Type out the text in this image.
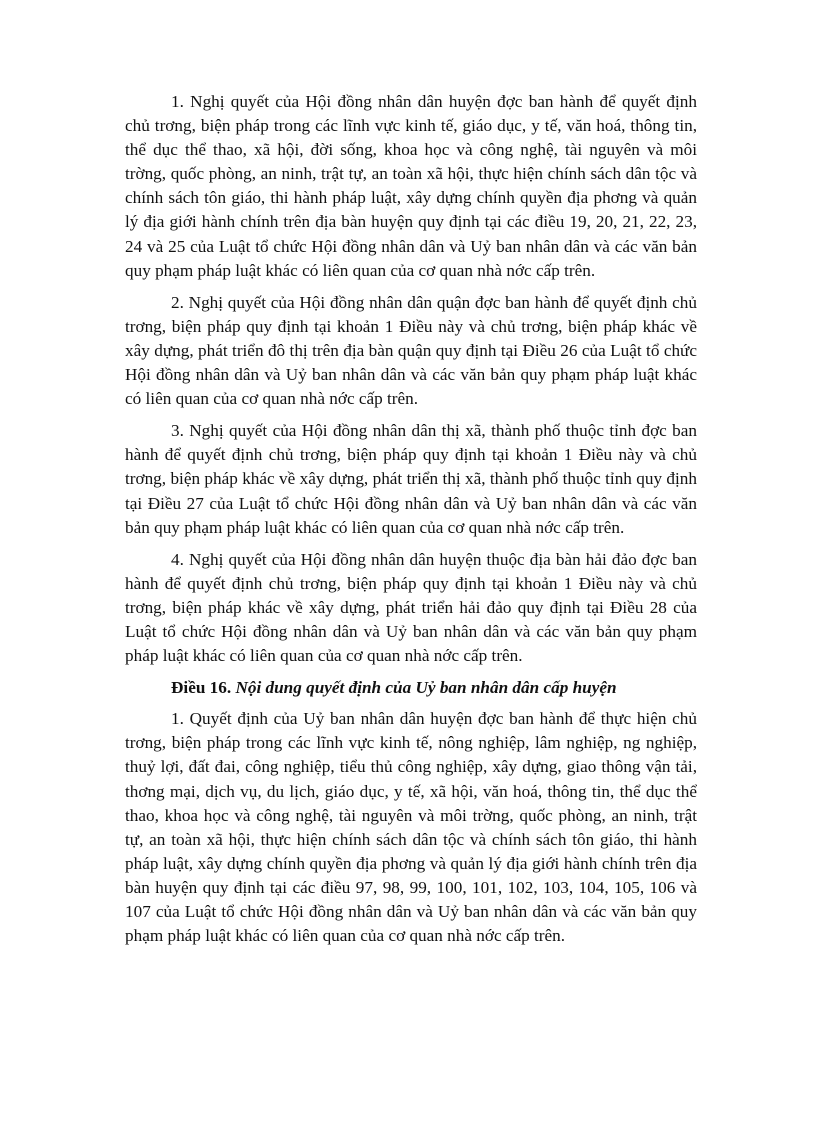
1. Nghị quyết của Hội đồng nhân dân huyện đợc ban hành để quyết định chủ trơng, biện pháp trong các lĩnh vực kinh tế, giáo dục, y tế, văn hoá, thông tin, thể dục thể thao, xã hội, đời sống, khoa học và công nghệ, tài nguyên và môi trờng, quốc phòng, an ninh, trật tự, an toàn xã hội, thực hiện chính sách dân tộc và chính sách tôn giáo, thi hành pháp luật, xây dựng chính quyền địa phơng và quản lý địa giới hành chính trên địa bàn huyện quy định tại các điều 19, 20, 21, 22, 23, 24 và 25 của Luật tổ chức Hội đồng nhân dân và Uỷ ban nhân dân và các văn bản quy phạm pháp luật khác có liên quan của cơ quan nhà nớc cấp trên.

2. Nghị quyết của Hội đồng nhân dân quận đợc ban hành để quyết định chủ trơng, biện pháp quy định tại khoản 1 Điều này và chủ trơng, biện pháp khác về xây dựng, phát triển đô thị trên địa bàn quận quy định tại Điều 26 của Luật tổ chức Hội đồng nhân dân và Uỷ ban nhân dân và các văn bản quy phạm pháp luật khác có liên quan của cơ quan nhà nớc cấp trên.

3. Nghị quyết của Hội đồng nhân dân thị xã, thành phố thuộc tỉnh đợc ban hành để quyết định chủ trơng, biện pháp quy định tại khoản 1 Điều này và chủ trơng, biện pháp khác về xây dựng, phát triển thị xã, thành phố thuộc tỉnh quy định tại Điều 27 của Luật tổ chức Hội đồng nhân dân và Uỷ ban nhân dân và các văn bản quy phạm pháp luật khác có liên quan của cơ quan nhà nớc cấp trên.

4. Nghị quyết của Hội đồng nhân dân huyện thuộc địa bàn hải đảo đợc ban hành để quyết định chủ trơng, biện pháp quy định tại khoản 1 Điều này và chủ trơng, biện pháp khác về xây dựng, phát triển hải đảo quy định tại Điều 28 của Luật tổ chức Hội đồng nhân dân và Uỷ ban nhân dân và các văn bản quy phạm pháp luật khác có liên quan của cơ quan nhà nớc cấp trên.

Điều 16. Nội dung quyết định của Uỷ ban nhân dân cấp huyện

1. Quyết định của Uỷ ban nhân dân huyện đợc ban hành để thực hiện chủ trơng, biện pháp trong các lĩnh vực kinh tế, nông nghiệp, lâm nghiệp, ng nghiệp, thuỷ lợi, đất đai, công nghiệp, tiểu thủ công nghiệp, xây dựng, giao thông vận tải, thơng mại, dịch vụ, du lịch, giáo dục, y tế, xã hội, văn hoá, thông tin, thể dục thể thao, khoa học và công nghệ, tài nguyên và môi trờng, quốc phòng, an ninh, trật tự, an toàn xã hội, thực hiện chính sách dân tộc và chính sách tôn giáo, thi hành pháp luật, xây dựng chính quyền địa phơng và quản lý địa giới hành chính trên địa bàn huyện quy định tại các điều 97, 98, 99, 100, 101, 102, 103, 104, 105, 106 và 107 của Luật tổ chức Hội đồng nhân dân và Uỷ ban nhân dân và các văn bản quy phạm pháp luật khác có liên quan của cơ quan nhà nớc cấp trên.
